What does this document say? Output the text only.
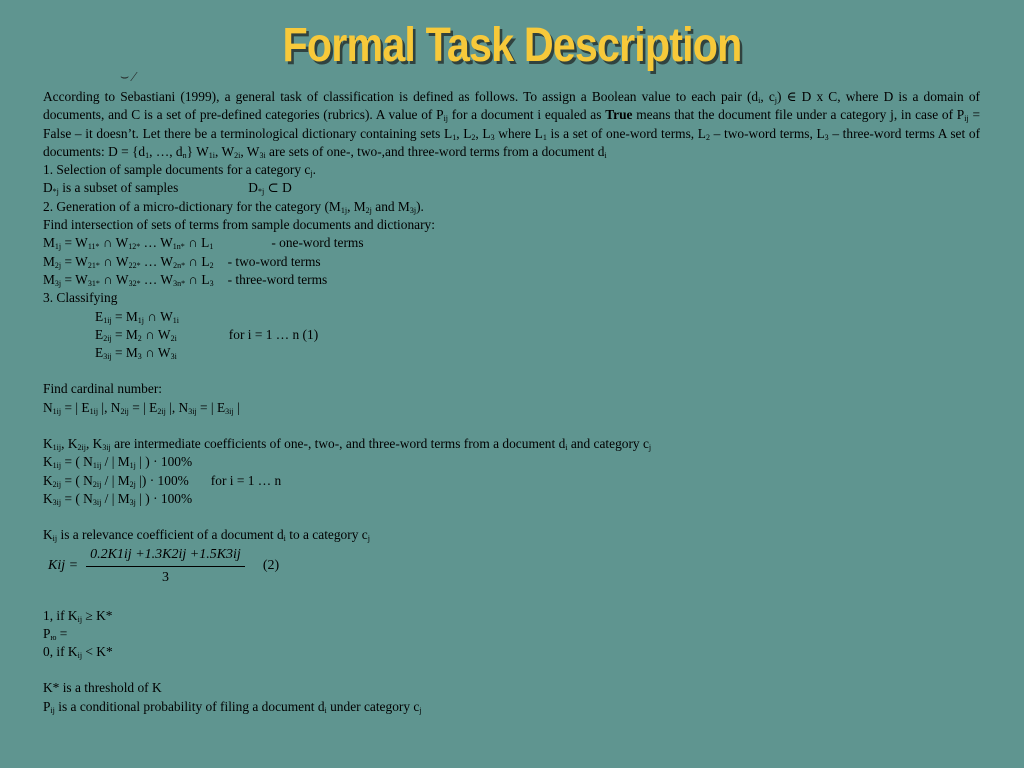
Formal Task Description
⌣ ⁄

According to Sebastiani (1999), a general task of classification is defined as follows. To assign a Boolean value to each pair ($d_i$, $c_j$) ∈ D x C, where D is a domain of documents, and C is a set of pre-defined categories (rubrics). A value of $P_{ij}$ for a document i equaled as True means that the document file under a category j, in case of $P_{ij}$ = False – it doesn’t. Let there be a terminological dictionary containing sets $L_1$, $L_2$, $L_3$ where $L_1$ is a set of one-word terms, $L_2$ – two-word terms, $L_3$ – three-word terms A set of documents: $D = \{d_1$, …, $d_n$} $W_{1i}$, $W_{2i}$, $W_{3i}$ are sets of one-, two-,and three-word terms from a document $d_i$

1. Selection of sample documents for a category $c_j$.

$D_{*j}$ is a subset of samples	$D_{*j}$ ⊂ D

2. Generation of a micro-dictionary for the category ($M_{1j}$, $M_{2j}$ and $M_{3j}$).

Find intersection of sets of terms from sample documents and dictionary:

$M_{1j} = W_{11*}$ ∩ $W_{12*}$ … $W_{1n*}$ ∩ $L_1$	- one-word terms

$M_{2j} = W_{21*}$ ∩ $W_{22*}$ … $W_{2n*}$ ∩ $L_2$ - two-word terms

$M_{3j} = W_{31*}$ ∩ $W_{32*}$ … $W_{3n*}$ ∩ $L_3$ - three-word terms

3. Classifying

$E_{1ij} = M_{1j}$ ∩ $W_{1i}$

$E_{2ij} = M_2$ ∩ $W_{2i}$	for i = 1 … n (1)

$E_{3ij} = M_3$ ∩ $W_{3i}$

Find cardinal number:

$N_{1ij}$ = | $E_{1ij}$ |, $N_{2ij}$ = | $E_{2ij}$ |, $N_{3ij}$ = | $E_{3ij}$ |

$K_{1ij}$, $K_{2ij}$, $K_{3ij}$ are intermediate coefficients of one-, two-, and three-word terms from a document $d_i$ and category $c_j$

$K_{1ij}$ = ( $N_{1ij}$ / | $M_{1j}$ | ) · 100%

$K_{2ij}$ = ( $N_{2ij}$ / | $M_{2j}$ |) · 100% for i = 1 … n

$K_{3ij}$ = ( $N_{3ij}$ / | $M_{3j}$ | ) · 100%

$K_{ij}$ is a relevance coefficient of a document $d_i$ to a category $c_j$

Kij = $\frac{0.2K1ij +1.3K2ij +1.5K3ij}{3} (2)$

1, if $K_{ij} \ge K*$

$P_ю$ =

0, if $K_{ij} < K*$

K* is a threshold of K

$P_{ij}$ is a conditional probability of filing a document $d_i$ under category $c_j$
